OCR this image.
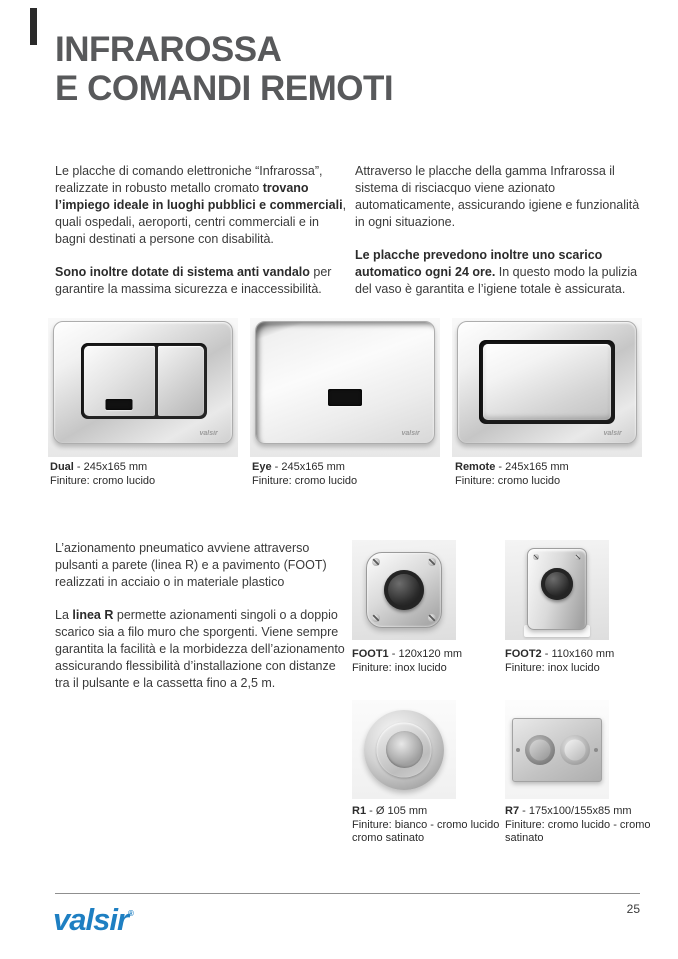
INFRAROSSA
E COMANDI REMOTI

Le placche di comando elettroniche “Infrarossa”, realizzate in robusto metallo cromato trovano l’impiego ideale in luoghi pubblici e commerciali, quali ospedali, aeroporti, centri commerciali e in bagni destinati a persone con disabilità.

Sono inoltre dotate di sistema anti vandalo per garantire la massima sicurezza e inaccessibilità.

Attraverso le placche della gamma Infrarossa il sistema di risciacquo viene azionato automaticamente, assicurando igiene e funzionalità in ogni situazione.

Le placche prevedono inoltre uno scarico automatico ogni 24 ore. In questo modo la pulizia del vaso è garantita e l’igiene totale è assicurata.

valsir	valsir	valsir
Dual - 245x165 mm
Finiture: cromo lucido
Eye - 245x165 mm
Finiture: cromo lucido
Remote - 245x165 mm
Finiture: cromo lucido

L’azionamento pneumatico avviene attraverso pulsanti a parete (linea R) e a pavimento (FOOT) realizzati in acciaio o in materiale plastico

La linea R permette azionamenti singoli o a doppio scarico sia a filo muro che sporgenti. Viene sempre garantita la facilità e la morbidezza dell’azionamento assicurando flessibilità d’installazione con distanze tra il pulsante e la cassetta fino a 2,5 m.

FOOT1 - 120x120 mm
Finiture: inox lucido
FOOT2 - 110x160 mm
Finiture: inox lucido
R1 - Ø 105 mm
Finiture: bianco - cromo lucido cromo satinato
R7 - 175x100/155x85 mm
Finiture: cromo lucido - cromo satinato
valsir®	25
